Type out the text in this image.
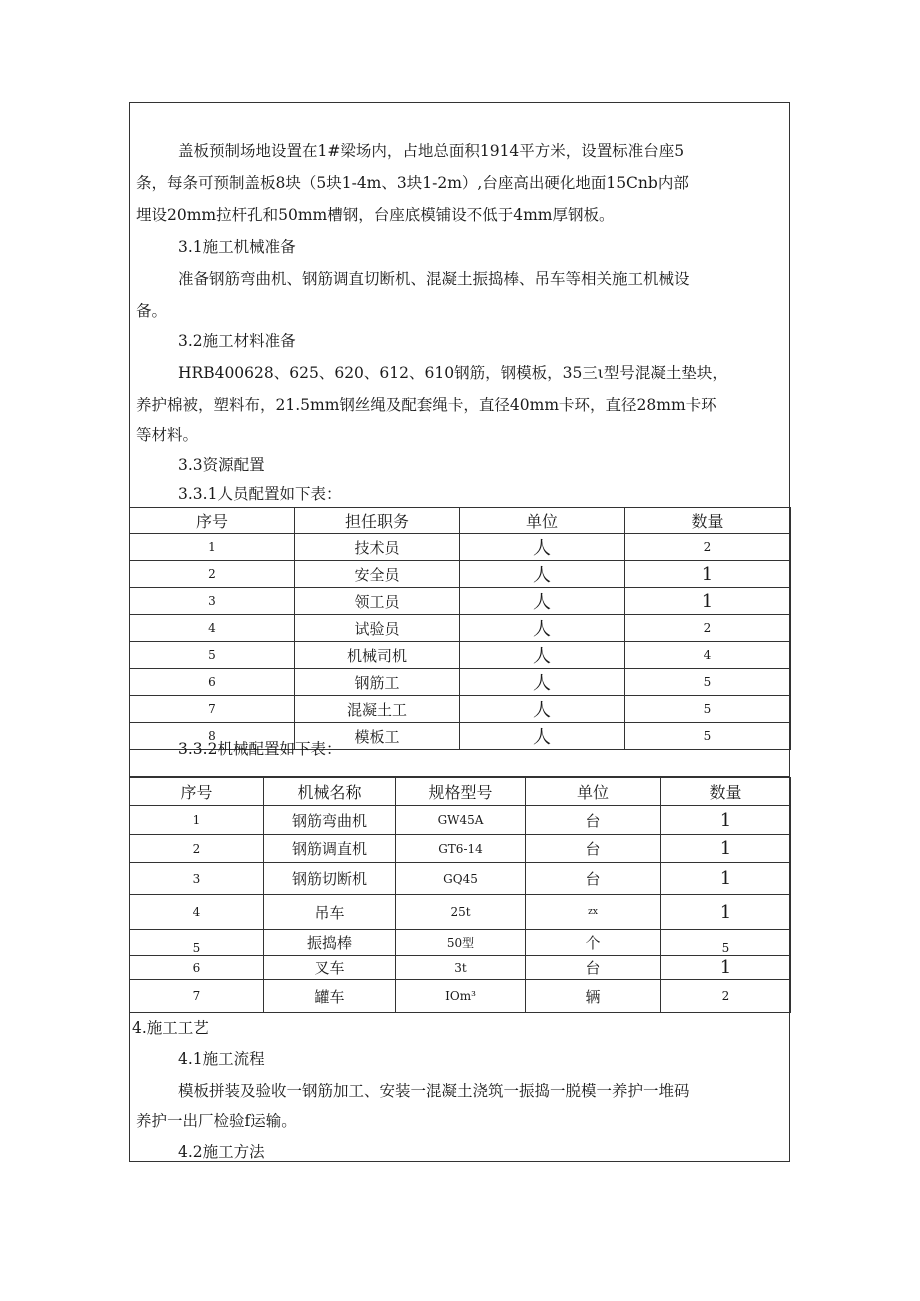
盖板预制场地设置在1#梁场内，占地总面积1914平方米，设置标准台座5
条，每条可预制盖板8块（5块1-4m、3块1-2m）,台座高出硬化地面15Cnb内部
埋设20mm拉杆孔和50mm槽钢，台座底模铺设不低于4mm厚钢板。
3.1施工机械准备
准备钢筋弯曲机、钢筋调直切断机、混凝土振捣棒、吊车等相关施工机械设
备。
3.2施工材料准备
HRB400628、625、620、612、610钢筋，钢模板，35三ι型号混凝土垫块，
养护棉被，塑料布，21.5mm钢丝绳及配套绳卡，直径40mm卡环，直径28mm卡环
等材料。
3.3资源配置
3.3.1人员配置如下表：
序号	担任职务	单位	数量
1	技术员	人	2
2	安全员	人	1
3	领工员	人	1
4	试验员	人	2
5	机械司机	人	4
6	钢筋工	人	5
7	混凝土工	人	5
8	模板工	人	5
3.3.2机械配置如下表：
序号	机械名称	规格型号	单位	数量
1	钢筋弯曲机	GW45A	台	1
2	钢筋调直机	GT6-14	台	1
3	钢筋切断机	GQ45	台	1
4	吊车	25t	zx	1
5	振捣棒	50型	个	5
6	叉车	3t	台	1
7	罐车	IOm³	辆	2
4.施工工艺
4.1施工流程
模板拼装及验收一钢筋加工、安装一混凝土浇筑一振捣一脱模一养护一堆码
养护一出厂检验f运输。
4.2施工方法
